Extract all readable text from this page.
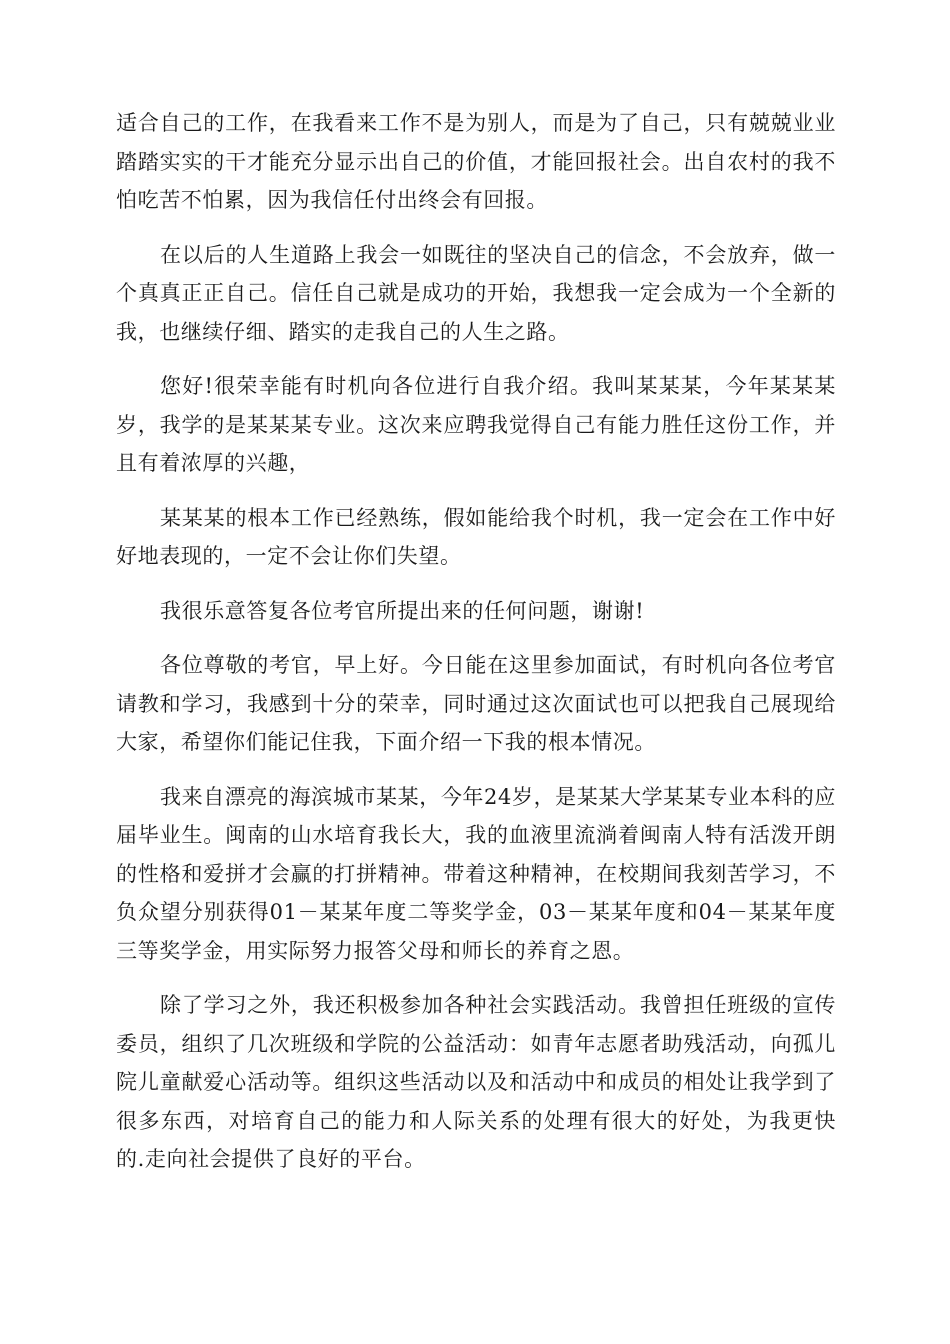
适合自己的工作，在我看来工作不是为别人，而是为了自己，只有兢兢业业踏踏实实的干才能充分显示出自己的价值，才能回报社会。出自农村的我不怕吃苦不怕累，因为我信任付出终会有回报。

在以后的人生道路上我会一如既往的坚决自己的信念，不会放弃，做一个真真正正自己。信任自己就是成功的开始，我想我一定会成为一个全新的我，也继续仔细、踏实的走我自己的人生之路。

您好!很荣幸能有时机向各位进行自我介绍。我叫某某某，今年某某某岁，我学的是某某某专业。这次来应聘我觉得自己有能力胜任这份工作，并且有着浓厚的兴趣，

某某某的根本工作已经熟练，假如能给我个时机，我一定会在工作中好好地表现的，一定不会让你们失望。

我很乐意答复各位考官所提出来的任何问题，谢谢!

各位尊敬的考官，早上好。今日能在这里参加面试，有时机向各位考官请教和学习，我感到十分的荣幸，同时通过这次面试也可以把我自己展现给大家，希望你们能记住我，下面介绍一下我的根本情况。

我来自漂亮的海滨城市某某，今年24岁，是某某大学某某专业本科的应届毕业生。闽南的山水培育我长大，我的血液里流淌着闽南人特有活泼开朗的性格和爱拼才会赢的打拼精神。带着这种精神，在校期间我刻苦学习，不负众望分别获得01－某某年度二等奖学金，03－某某年度和04－某某年度三等奖学金，用实际努力报答父母和师长的养育之恩。

除了学习之外，我还积极参加各种社会实践活动。我曾担任班级的宣传委员，组织了几次班级和学院的公益活动：如青年志愿者助残活动，向孤儿院儿童献爱心活动等。组织这些活动以及和活动中和成员的相处让我学到了很多东西，对培育自己的能力和人际关系的处理有很大的好处，为我更快的.走向社会提供了良好的平台。
